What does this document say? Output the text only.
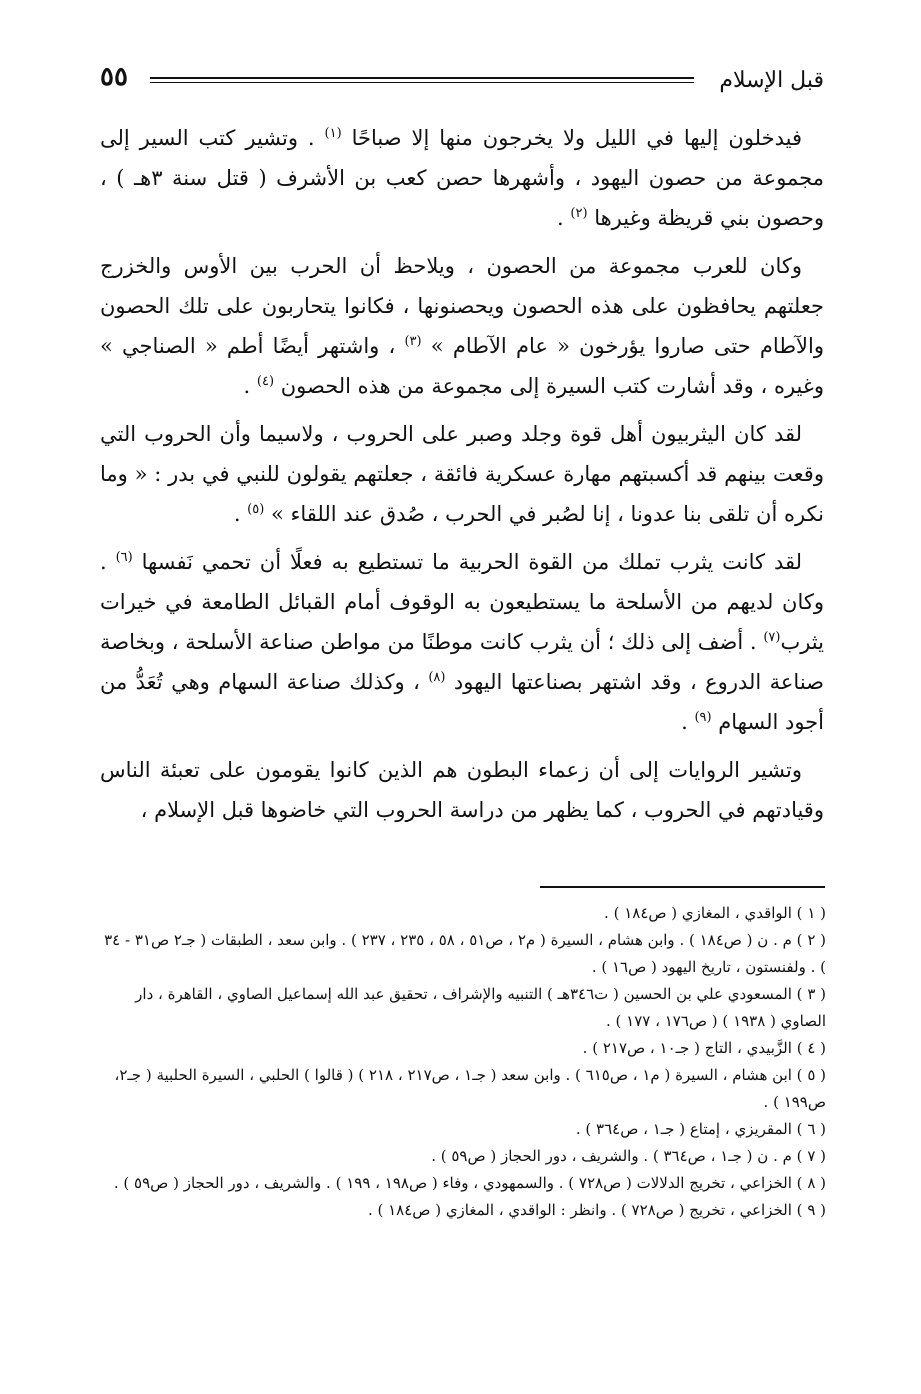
قبل الإسلام
٥٥

فيدخلون إليها في الليل ولا يخرجون منها إلا صباحًا $^{(١)}$ . وتشير كتب السير إلى مجموعة من حصون اليهود ، وأشهرها حصن كعب بن الأشرف ( قتل سنة ٣هـ ) ، وحصون بني قريظة وغيرها $^{(٢)}$ .

وكان للعرب مجموعة من الحصون ، ويلاحظ أن الحرب بين الأوس والخزرج جعلتهم يحافظون على هذه الحصون ويحصنونها ، فكانوا يتحاربون على تلك الحصون والآطام حتى صاروا يؤرخون « عام الآطام » $^{(٣)}$ ، واشتهر أيضًا أطم « الصناجي » وغيره ، وقد أشارت كتب السيرة إلى مجموعة من هذه الحصون $^{(٤)}$ .

لقد كان اليثربيون أهل قوة وجلد وصبر على الحروب ، ولاسيما وأن الحروب التي وقعت بينهم قد أكسبتهم مهارة عسكرية فائقة ، جعلتهم يقولون للنبي في بدر : « وما نكره أن تلقى بنا عدونا ، إنا لصُبر في الحرب ، صُدق عند اللقاء » $^{(٥)}$ .

لقد كانت يثرب تملك من القوة الحربية ما تستطيع به فعلًا أن تحمي نَفسها $^{(٦)}$ . وكان لديهم من الأسلحة ما يستطيعون به الوقوف أمام القبائل الطامعة في خيرات يثرب$^{(٧)}$ . أضف إلى ذلك ؛ أن يثرب كانت موطنًا من مواطن صناعة الأسلحة ، وبخاصة صناعة الدروع ، وقد اشتهر بصناعتها اليهود $^{(٨)}$ ، وكذلك صناعة السهام وهي تُعَدُّ من أجود السهام $^{(٩)}$ .

وتشير الروايات إلى أن زعماء البطون هم الذين كانوا يقومون على تعبئة الناس وقيادتهم في الحروب ، كما يظهر من دراسة الحروب التي خاضوها قبل الإسلام ،

( ١ ) الواقدي ، المغازي ( ص١٨٤ ) .

( ٢ ) م . ن ( ص١٨٤ ) . وابن هشام ، السيرة ( م٢ ، ص٥١ ، ٥٨ ، ٢٣٥ ، ٢٣٧ ) . وابن سعد ، الطبقات ( جـ٢ ص٣١ - ٣٤ ) . ولفنستون ، تاريخ اليهود ( ص١٦ ) .

( ٣ ) المسعودي علي بن الحسين ( ت٣٤٦هـ ) التنبيه والإشراف ، تحقيق عبد الله إسماعيل الصاوي ، القاهرة ، دار الصاوي ( ١٩٣٨ ) ( ص١٧٦ ، ١٧٧ ) .

( ٤ ) الزَّبيدي ، التاج ( جـ١٠ ، ص٢١٧ ) .

( ٥ ) ابن هشام ، السيرة ( م١ ، ص٦١٥ ) . وابن سعد ( جـ١ ، ص٢١٧ ، ٢١٨ ) ( قالوا ) الحلبي ، السيرة الحلبية ( جـ٢، ص١٩٩ ) .

( ٦ ) المقريزي ، إمتاع ( جـ١ ، ص٣٦٤ ) .

( ٧ ) م . ن ( جـ١ ، ص٣٦٤ ) . والشريف ، دور الحجاز ( ص٥٩ ) .

( ٨ ) الخزاعي ، تخريج الدلالات ( ص٧٢٨ ) . والسمهودي ، وفاء ( ص١٩٨ ، ١٩٩ ) . والشريف ، دور الحجاز ( ص٥٩ ) .

( ٩ ) الخزاعي ، تخريج ( ص٧٢٨ ) . وانظر : الواقدي ، المغازي ( ص١٨٤ ) .
